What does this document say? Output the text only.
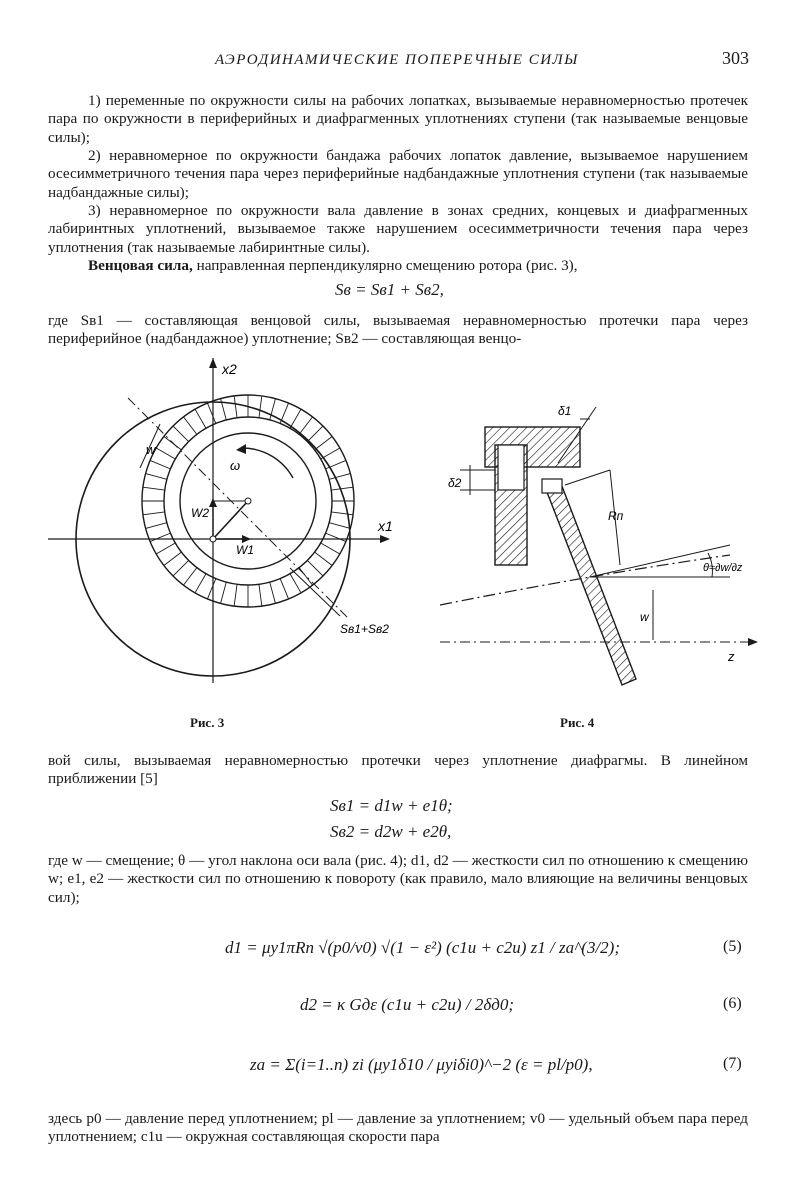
АЭРОДИНАМИЧЕСКИЕ ПОПЕРЕЧНЫЕ СИЛЫ	303

1) переменные по окружности силы на рабочих лопатках, вызываемые неравномерностью протечек пара по окружности в периферийных и диафрагменных уплотнениях ступени (так называемые венцовые силы);

2) неравномерное по окружности бандажа рабочих лопаток давление, вызываемое нарушением осесимметричного течения пара через периферийные надбандажные уплотнения ступени (так называемые надбандажные силы);

3) неравномерное по окружности вала давление в зонах средних, концевых и диафрагменных лабиринтных уплотнений, вызываемое также нарушением осесимметричности течения пара через уплотнения (так называемые лабиринтные силы).

Венцовая сила, направленная перпендикулярно смещению ротора (рис. 3),

Sв = Sв1 + Sв2,

где Sв1 — составляющая венцовой силы, вызываемая неравномерностью протечки пара через периферийное (надбандажное) уплотнение; Sв2 — составляющая венцо-

x2
x1
w
ω
W1
W2
Sв1+Sв2
Рис. 3
δ1
δ2
Rп
θ≈∂w/∂z
w
z
Рис. 4

вой силы, вызываемая неравномерностью протечки через уплотнение диафрагмы. В линейном приближении [5]

Sв1 = d1w + e1θ;
Sв2 = d2w + e2θ,

где w — смещение; θ — угол наклона оси вала (рис. 4); d1, d2 — жесткости сил по отношению к смещению w; e1, e2 — жесткости сил по отношению к повороту (как правило, мало влияющие на величины венцовых сил);

d1 = μy1πRп √(p0/v0) √(1 − ε²) (c1u + c2u) z1 / za^(3/2);	(5)
d2 = κ Gдε (c1u + c2u) / 2δд0;	(6)
za = Σ(i=1..n) zi (μy1δ10 / μyiδi0)^−2 (ε = pl/p0),	(7)

здесь p0 — давление перед уплотнением; pl — давление за уплотнением; v0 — удельный объем пара перед уплотнением; c1u — окружная составляющая скорости пара
